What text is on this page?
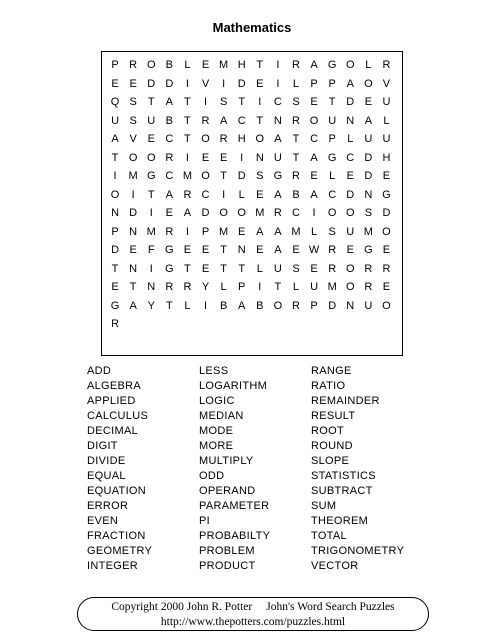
Mathematics
P R O B	L	E M H T	I	R A G O L	R
E E D D	I	V	I	D E	I	L	P P A O V
Q S	T	A	T	I	S	T	I	C S E	T D E U
U S U B	T R A C T N R O U N A	L
A V E C T O R H O A	T C P	L	U U
T O O R	I	E E	I	N U T	A G C D H
I	M G C M O T D S G R E	L	E D E
O	I	T	A R C	I	L	E A B A C D N G
N D	I	E A D O O M R C	I	O O S D
P N M R	I	P M E A A M L	S U M O
D E	F G E E	T N E A E W R E G E
T N	I	G T	E	T	T	L	U S E R O R R
E	T N R R Y	L	P	I	T	L	U M O R E
G A Y	T	L	I	B A B O R P D N U O
R
ADD
ALGEBRA
APPLIED
CALCULUS
DECIMAL
DIGIT
DIVIDE
EQUAL
EQUATION
ERROR
EVEN
FRACTION
GEOMETRY
INTEGER
LESS
LOGARITHM
LOGIC
MEDIAN
MODE
MORE
MULTIPLY
ODD
OPERAND
PARAMETER
PI
PROBABILTY
PROBLEM
PRODUCT
RANGE
RATIO
REMAINDER
RESULT
ROOT
ROUND
SLOPE
STATISTICS
SUBTRACT
SUM
THEOREM
TOTAL
TRIGONOMETRY
VECTOR
Copyright 2000 John R. Potter John's Word Search Puzzles
http://www.thepotters.com/puzzles.html
